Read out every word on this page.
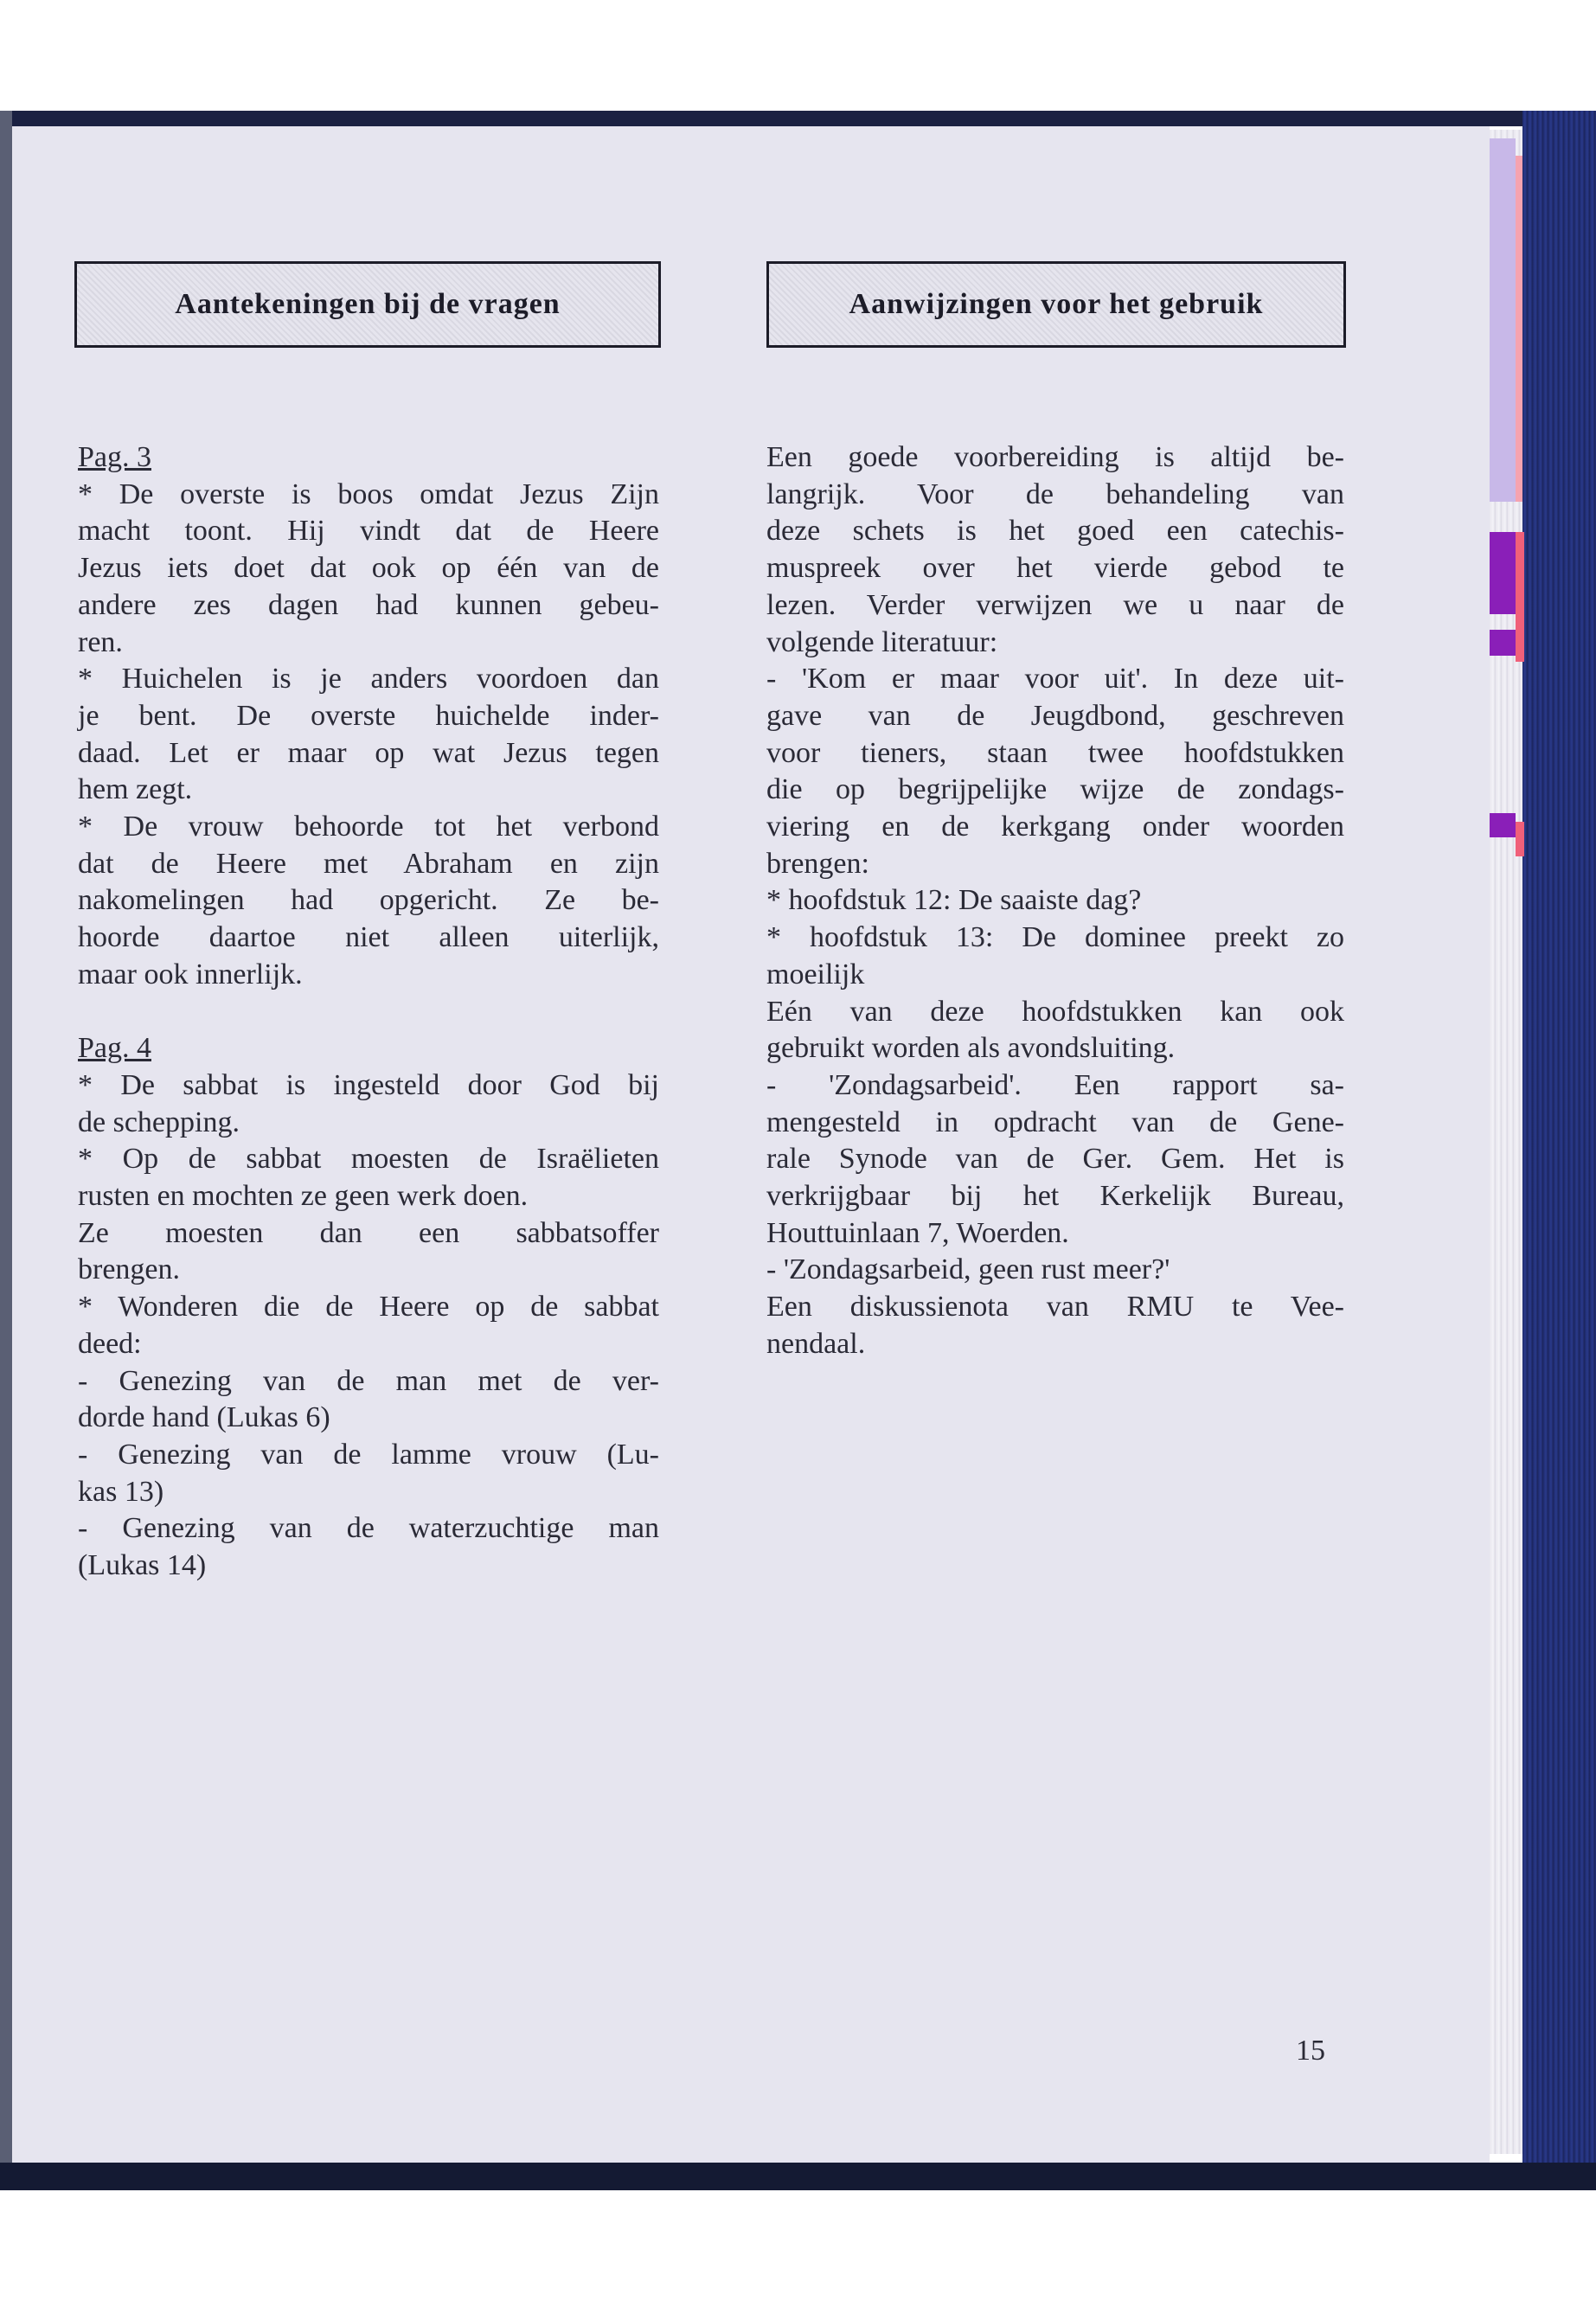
Aantekeningen bij de vragen	Aanwijzingen voor het gebruik

Pag. 3

* De overste is boos omdat Jezus Zijn

macht toont. Hij vindt dat de Heere

Jezus iets doet dat ook op één van de

andere zes dagen had kunnen gebeu-

ren.

* Huichelen is je anders voordoen dan

je bent. De overste huichelde inder-

daad. Let er maar op wat Jezus tegen

hem zegt.

* De vrouw behoorde tot het verbond

dat de Heere met Abraham en zijn

nakomelingen had opgericht. Ze be-

hoorde daartoe niet alleen uiterlijk,

maar ook innerlijk.

Pag. 4

* De sabbat is ingesteld door God bij

de schepping.

* Op de sabbat moesten de Israëlieten

rusten en mochten ze geen werk doen.

Ze moesten dan een sabbatsoffer

brengen.

* Wonderen die de Heere op de sabbat

deed:

- Genezing van de man met de ver-

dorde hand (Lukas 6)

- Genezing van de lamme vrouw (Lu-

kas 13)

- Genezing van de waterzuchtige man

(Lukas 14)

Een goede voorbereiding is altijd be-

langrijk. Voor de behandeling van

deze schets is het goed een catechis-

muspreek over het vierde gebod te

lezen. Verder verwijzen we u naar de

volgende literatuur:

- 'Kom er maar voor uit'. In deze uit-

gave van de Jeugdbond, geschreven

voor tieners, staan twee hoofdstukken

die op begrijpelijke wijze de zondags-

viering en de kerkgang onder woorden

brengen:

* hoofdstuk 12: De saaiste dag?

* hoofdstuk 13: De dominee preekt zo

moeilijk

Eén van deze hoofdstukken kan ook

gebruikt worden als avondsluiting.

- 'Zondagsarbeid'. Een rapport sa-

mengesteld in opdracht van de Gene-

rale Synode van de Ger. Gem. Het is

verkrijgbaar bij het Kerkelijk Bureau,

Houttuinlaan 7, Woerden.

- 'Zondagsarbeid, geen rust meer?'

Een diskussienota van RMU te Vee-

nendaal.

15
